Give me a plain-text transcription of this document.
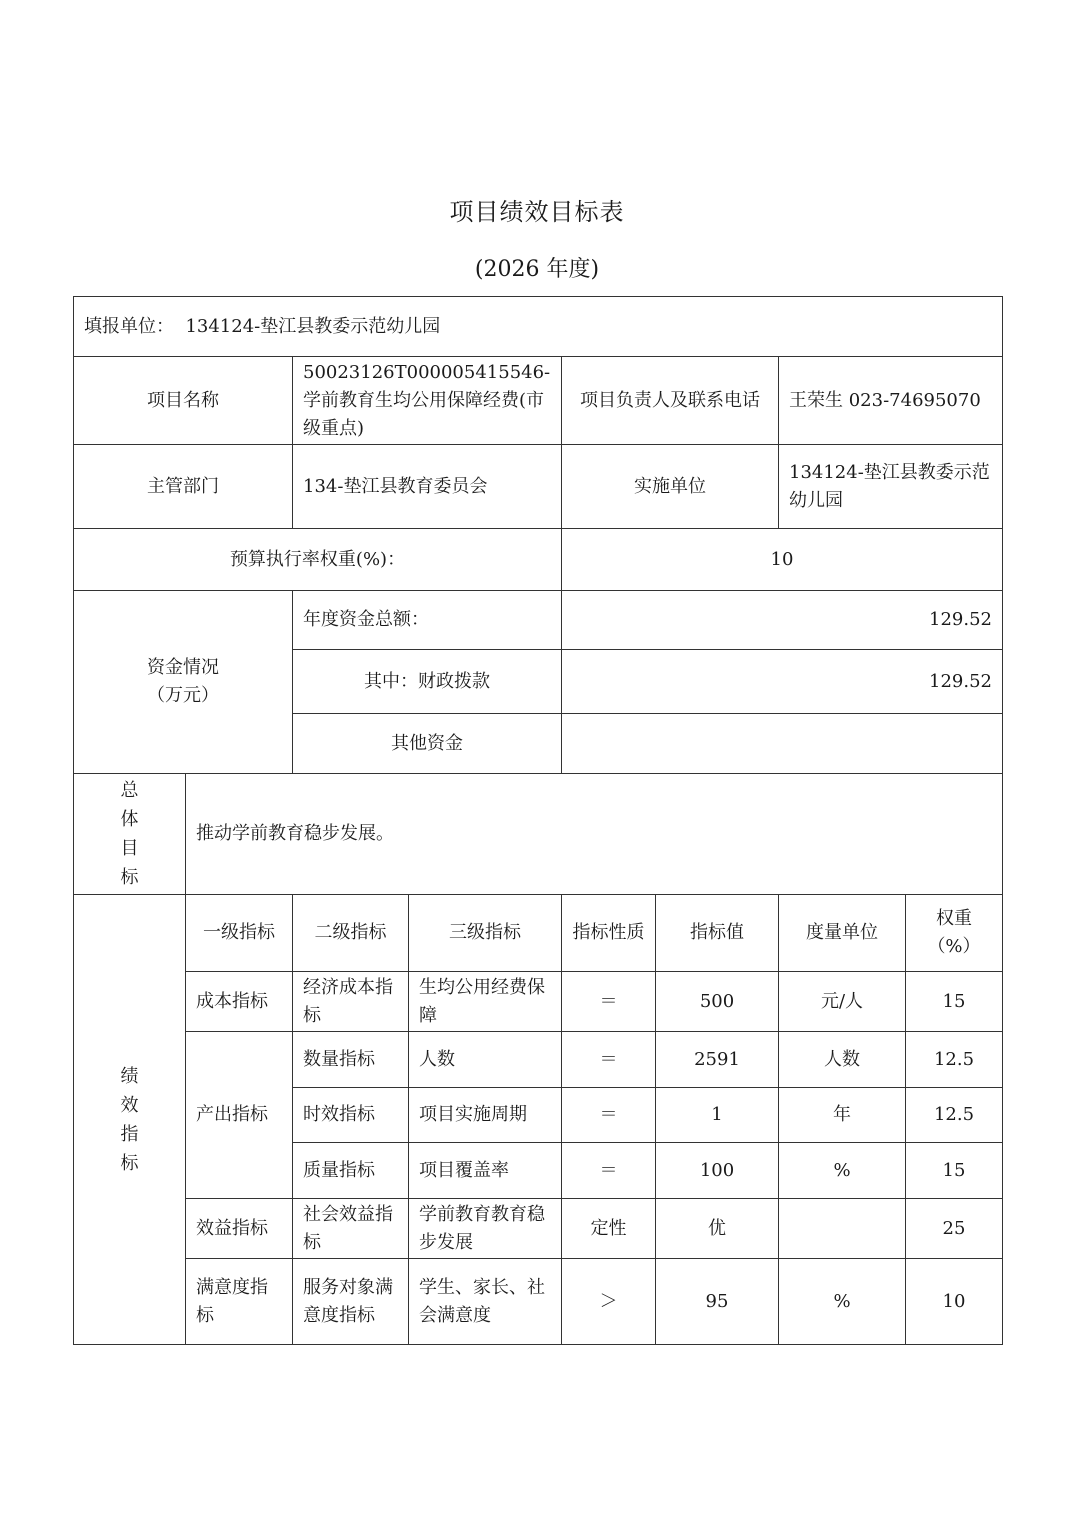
项目绩效目标表
(2026 年度)
填报单位： 134124-垫江县教委示范幼儿园							
项目名称		50023126T000005415546-学前教育生均公用保障经费(市级重点)		项目负责人及联系电话		王荣生 023-74695070	
主管部门		134-垫江县教育委员会		实施单位		134124-垫江县教委示范幼儿园	
预算执行率权重(%)：				10			

资金情况（万元）		年度资金总额：		129.52			
		其中：财政拨款		129.52			
		其他资金					
总体目标	推动学前教育稳步发展。						
绩效指标	一级指标	二级指标	三级指标	指标性质	指标值	度量单位	权重（%）
	成本指标	经济成本指标	生均公用经费保障	＝	500	元/人	15
	产出指标	数量指标	人数	＝	2591	人数	12.5
		时效指标	项目实施周期	＝	1	年	12.5
		质量指标	项目覆盖率	＝	100	%	15
	效益指标	社会效益指标	学前教育教育稳步发展	定性	优		25
	满意度指标	服务对象满意度指标	学生、家长、社会满意度	＞	95	%	10
